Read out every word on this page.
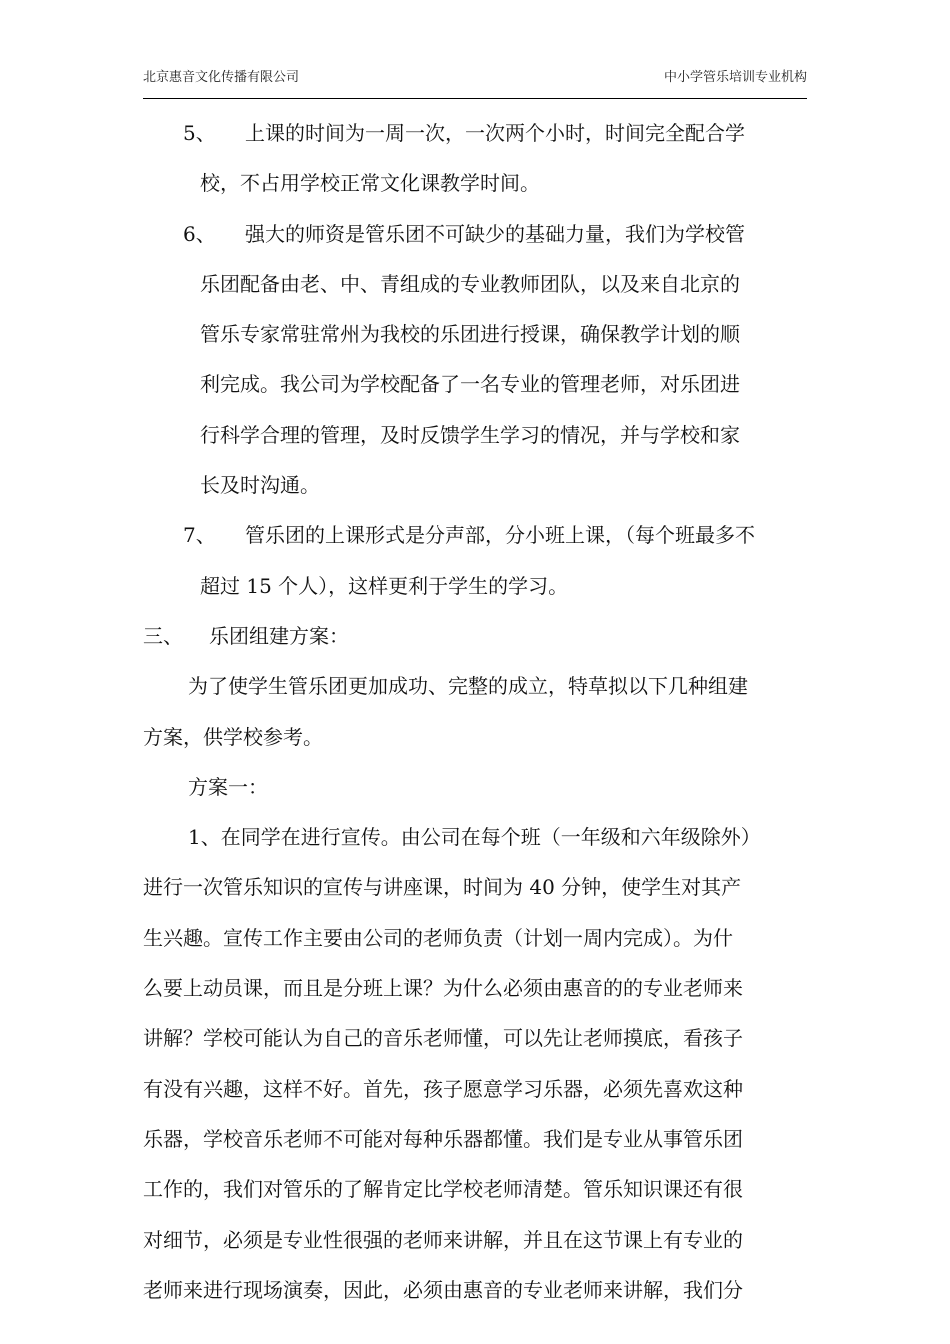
北京惠音文化传播有限公司	中小学管乐培训专业机构
5、	上课的时间为一周一次，一次两个小时，时间完全配合学
校，不占用学校正常文化课教学时间。
6、	强大的师资是管乐团不可缺少的基础力量，我们为学校管
乐团配备由老、中、青组成的专业教师团队，以及来自北京的
管乐专家常驻常州为我校的乐团进行授课，确保教学计划的顺
利完成。我公司为学校配备了一名专业的管理老师，对乐团进
行科学合理的管理，及时反馈学生学习的情况，并与学校和家
长及时沟通。
7、	管乐团的上课形式是分声部，分小班上课，（每个班最多不
超过 15 个人），这样更利于学生的学习。
三、 乐团组建方案：
为了使学生管乐团更加成功、完整的成立，特草拟以下几种组建
方案，供学校参考。
方案一：
1、在同学在进行宣传。由公司在每个班（一年级和六年级除外）
进行一次管乐知识的宣传与讲座课，时间为 40 分钟，使学生对其产
生兴趣。宣传工作主要由公司的老师负责（计划一周内完成）。为什
么要上动员课，而且是分班上课？为什么必须由惠音的的专业老师来
讲解？学校可能认为自己的音乐老师懂，可以先让老师摸底，看孩子
有没有兴趣，这样不好。首先，孩子愿意学习乐器，必须先喜欢这种
乐器，学校音乐老师不可能对每种乐器都懂。我们是专业从事管乐团
工作的，我们对管乐的了解肯定比学校老师清楚。管乐知识课还有很
对细节，必须是专业性很强的老师来讲解，并且在这节课上有专业的
老师来进行现场演奏，因此，必须由惠音的专业老师来讲解，我们分
